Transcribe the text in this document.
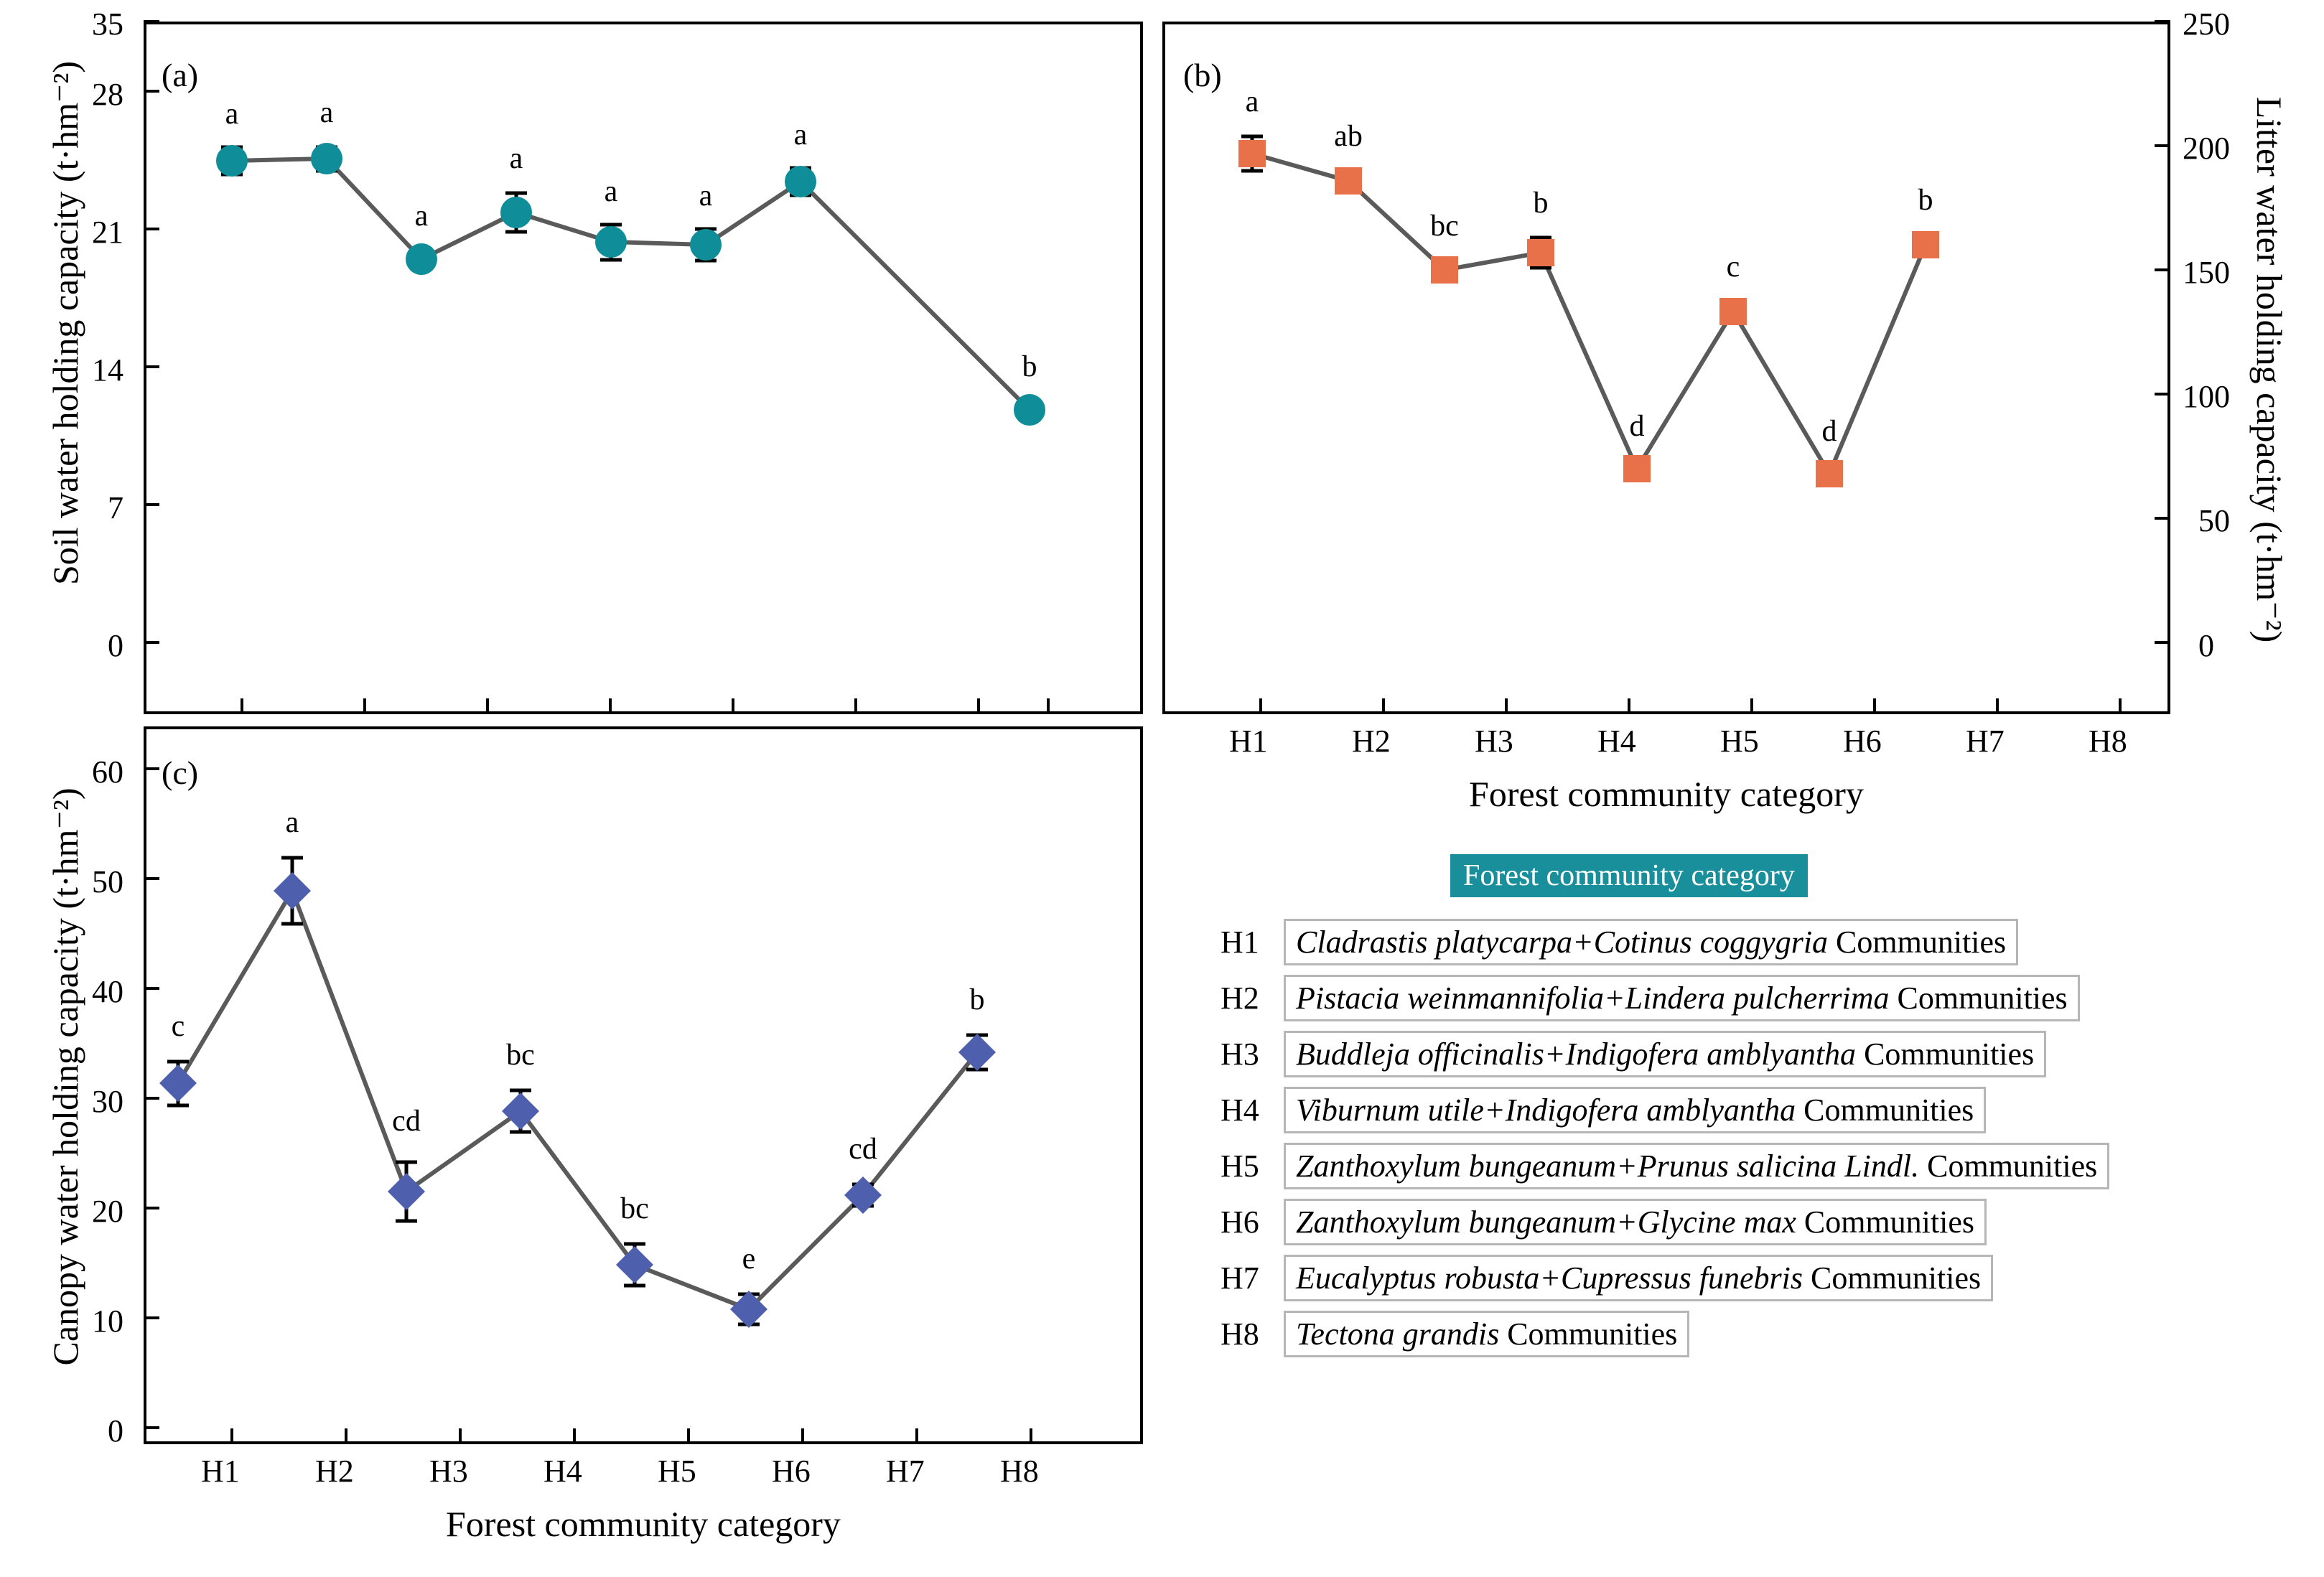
(a)
Soil water holding capacity (t·hm⁻²)
35
28
21
14
7
0
a	a
a
a
a	a
a
b
(b)
Litter water holding capacity (t·hm⁻²)
250
200
150
100
50
0
a
ab
bc
b
d
c
d
b
H1	H2	H3	H4	H5	H6	H7	H8
Forest community category
(c)
Canopy water holding capacity (t·hm⁻²)
60
50
40
30
20
10
0
c
a
cd
bc
bc
e
cd
b
H1 H2 H3 H4 H5 H6 H7 H8
Forest community category
Forest community category
H1	Cladrastis platycarpa+Cotinus coggygria Communities
H2	Pistacia weinmannifolia+Lindera pulcherrima Communities
H3	Buddleja officinalis+Indigofera amblyantha Communities
H4	Viburnum utile+Indigofera amblyantha Communities
H5	Zanthoxylum bungeanum+Prunus salicina Lindl. Communities
H6	Zanthoxylum bungeanum+Glycine max Communities
H7	Eucalyptus robusta+Cupressus funebris Communities
H8	Tectona grandis Communities
